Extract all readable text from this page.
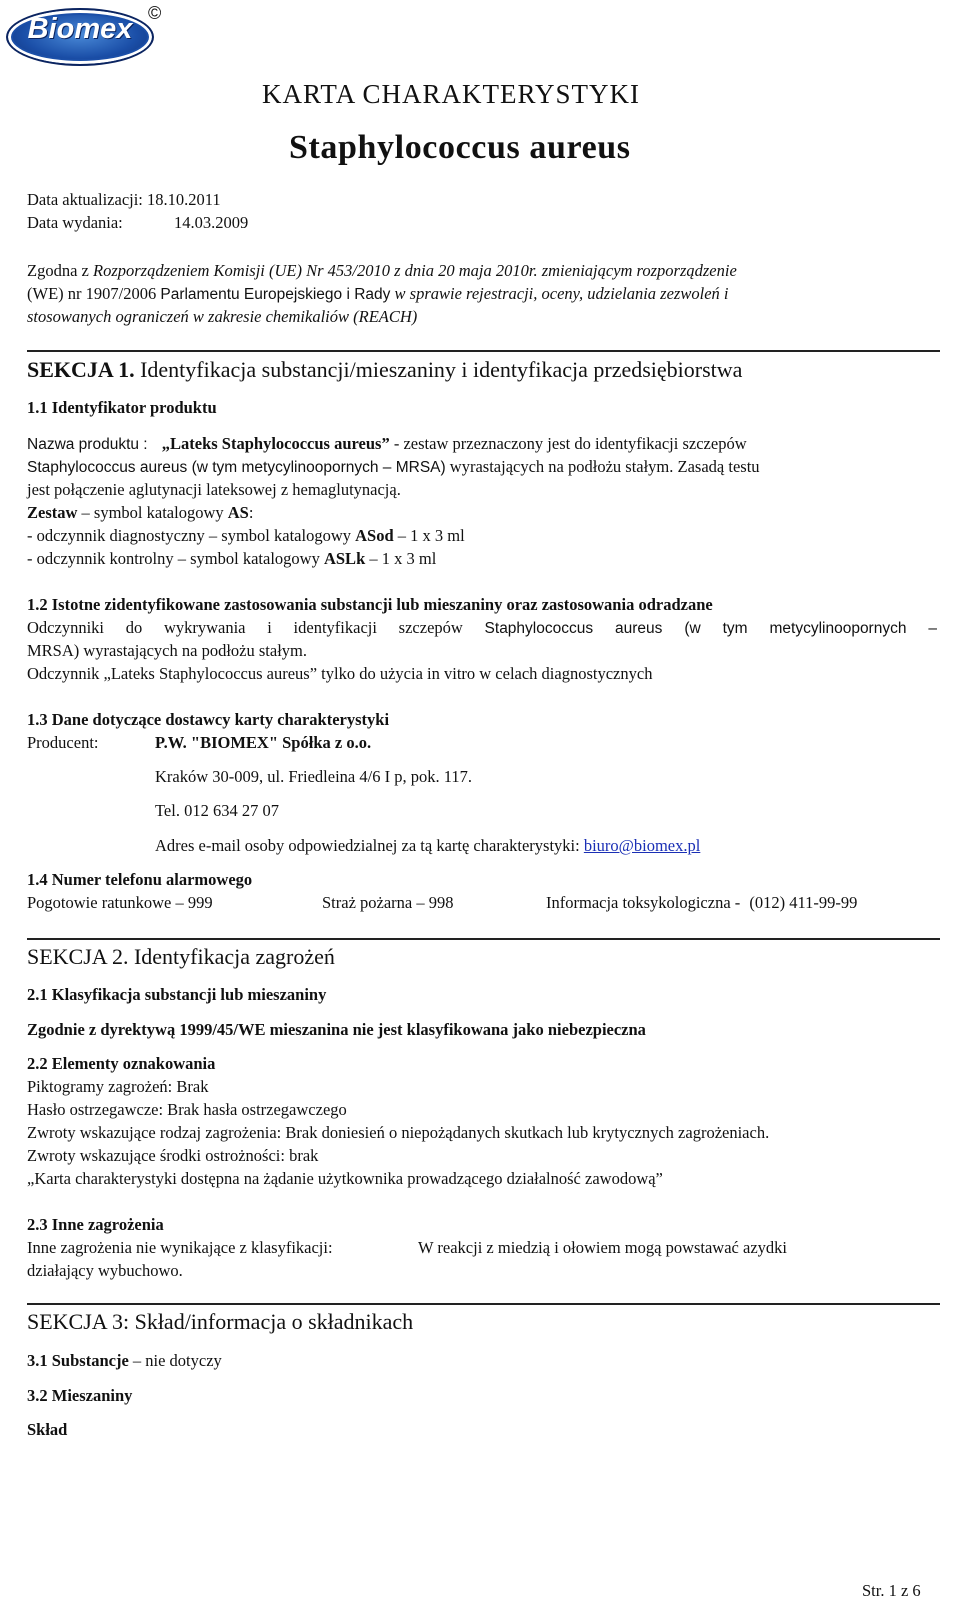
Biomex ©
KARTA CHARAKTERYSTYKI
Staphylococcus aureus
Data aktualizacji: 18.10.2011
Data wydania:	14.03.2009
Zgodna z Rozporządzeniem Komisji (UE) Nr 453/2010 z dnia 20 maja 2010r. zmieniającym rozporządzenie
(WE) nr 1907/2006 Parlamentu Europejskiego i Rady w sprawie rejestracji, oceny, udzielania zezwoleń i
stosowanych ograniczeń w zakresie chemikaliów (REACH)
SEKCJA 1. Identyfikacja substancji/mieszaniny i identyfikacja przedsiębiorstwa
1.1 Identyfikator produktu
Nazwa produktu : „Lateks Staphylococcus aureus” - zestaw przeznaczony jest do identyfikacji szczepów
Staphylococcus aureus (w tym metycylinoopornych – MRSA) wyrastających na podłożu stałym. Zasadą testu
jest połączenie aglutynacji lateksowej z hemaglutynacją.
Zestaw – symbol katalogowy AS:
- odczynnik diagnostyczny – symbol katalogowy ASod – 1 x 3 ml
- odczynnik kontrolny – symbol katalogowy ASLk – 1 x 3 ml
1.2 Istotne zidentyfikowane zastosowania substancji lub mieszaniny oraz zastosowania odradzane
Odczynniki do wykrywania i identyfikacji szczepów Staphylococcus aureus (w tym metycylinoopornych –
MRSA) wyrastających na podłożu stałym.
Odczynnik „Lateks Staphylococcus aureus” tylko do użycia in vitro w celach diagnostycznych
1.3 Dane dotyczące dostawcy karty charakterystyki
Producent:	P.W. "BIOMEX" Spółka z o.o.
Kraków 30-009, ul. Friedleina 4/6 I p, pok. 117.
Tel. 012 634 27 07
Adres e-mail osoby odpowiedzialnej za tą kartę charakterystyki: biuro@biomex.pl
1.4 Numer telefonu alarmowego
Pogotowie ratunkowe – 999	Straż pożarna – 998	Informacja toksykologiczna - (012) 411-99-99
SEKCJA 2. Identyfikacja zagrożeń
2.1 Klasyfikacja substancji lub mieszaniny
Zgodnie z dyrektywą 1999/45/WE mieszanina nie jest klasyfikowana jako niebezpieczna
2.2 Elementy oznakowania
Piktogramy zagrożeń: Brak
Hasło ostrzegawcze: Brak hasła ostrzegawczego
Zwroty wskazujące rodzaj zagrożenia: Brak doniesień o niepożądanych skutkach lub krytycznych zagrożeniach.
Zwroty wskazujące środki ostrożności: brak
„Karta charakterystyki dostępna na żądanie użytkownika prowadzącego działalność zawodową”
2.3 Inne zagrożenia
Inne zagrożenia nie wynikające z klasyfikacji:	W reakcji z miedzią i ołowiem mogą powstawać azydki
działający wybuchowo.
SEKCJA 3: Skład/informacja o składnikach
3.1 Substancje – nie dotyczy
3.2 Mieszaniny
Skład
Str. 1 z 6
